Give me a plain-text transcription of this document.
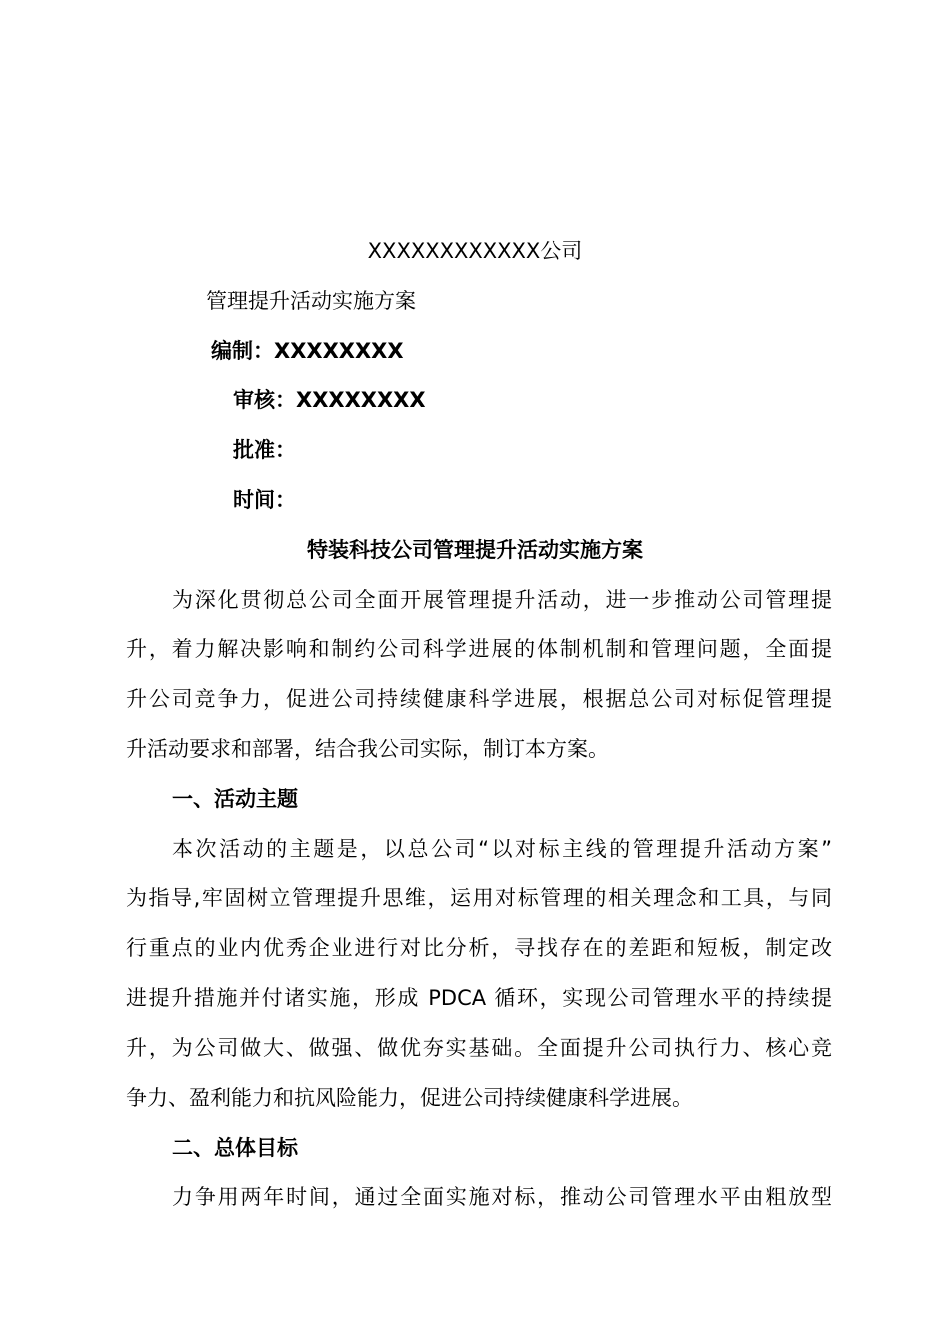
XXXXXXXXXXXX公司
管理提升活动实施方案
编制：XXXXXXXX
审核：XXXXXXXX
批准：
时间：
特装科技公司管理提升活动实施方案
为深化贯彻总公司全面开展管理提升活动，进一步推动公司管理提
升，着力解决影响和制约公司科学进展的体制机制和管理问题，全面提
升公司竞争力，促进公司持续健康科学进展，根据总公司对标促管理提
升活动要求和部署，结合我公司实际，制订本方案。
一、活动主题
本次活动的主题是，以总公司“以对标主线的管理提升活动方案”
为指导,牢固树立管理提升思维，运用对标管理的相关理念和工具，与同
行重点的业内优秀企业进行对比分析，寻找存在的差距和短板，制定改
进提升措施并付诸实施，形成 PDCA 循环，实现公司管理水平的持续提
升，为公司做大、做强、做优夯实基础。全面提升公司执行力、核心竞
争力、盈利能力和抗风险能力，促进公司持续健康科学进展。
二、总体目标
力争用两年时间，通过全面实施对标，推动公司管理水平由粗放型
